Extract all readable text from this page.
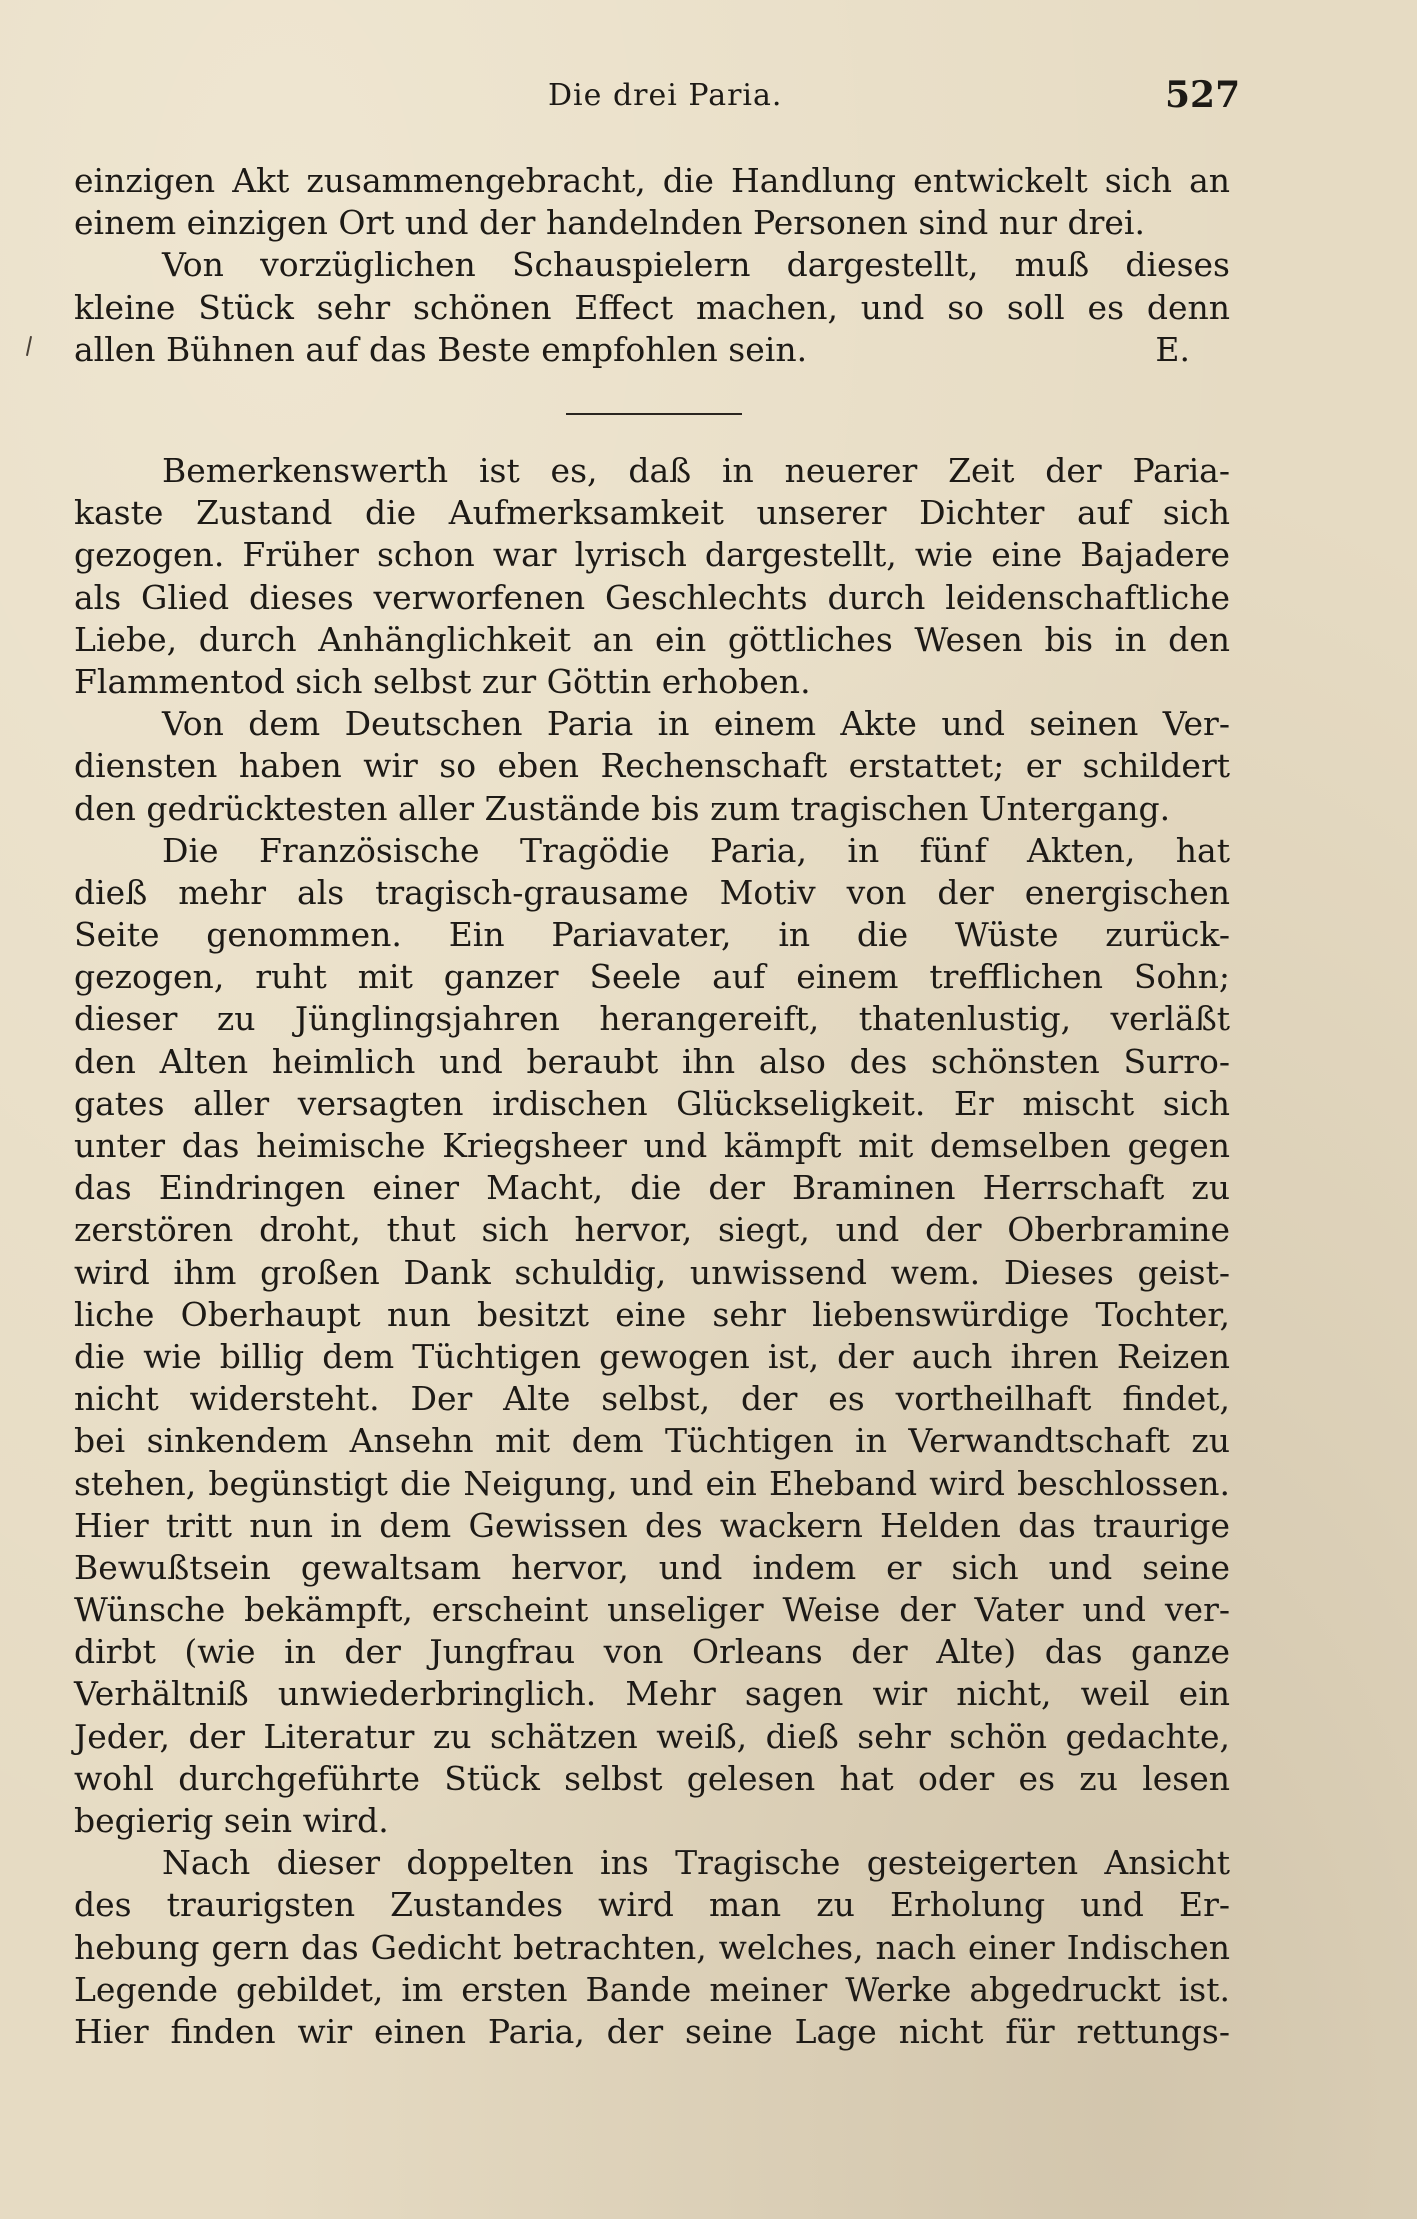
Die drei Paria.	527
einzigen Akt zusammengebracht, die Handlung entwickelt sich an
einem einzigen Ort und der handelnden Personen sind nur drei.
Von vorzüglichen Schauspielern dargestellt, muß dieses
kleine Stück sehr schönen Effect machen, und so soll es denn
allen Bühnen auf das Beste empfohlen sein.	E.
Bemerkenswerth ist es, daß in neuerer Zeit der Paria-
kaste Zustand die Aufmerksamkeit unserer Dichter auf sich
gezogen. Früher schon war lyrisch dargestellt, wie eine Bajadere
als Glied dieses verworfenen Geschlechts durch leidenschaftliche
Liebe, durch Anhänglichkeit an ein göttliches Wesen bis in den
Flammentod sich selbst zur Göttin erhoben.
Von dem Deutschen Paria in einem Akte und seinen Ver-
diensten haben wir so eben Rechenschaft erstattet; er schildert
den gedrücktesten aller Zustände bis zum tragischen Untergang.
Die Französische Tragödie Paria, in fünf Akten, hat
dieß mehr als tragisch-grausame Motiv von der energischen
Seite genommen. Ein Pariavater, in die Wüste zurück-
gezogen, ruht mit ganzer Seele auf einem trefflichen Sohn;
dieser zu Jünglingsjahren herangereift, thatenlustig, verläßt
den Alten heimlich und beraubt ihn also des schönsten Surro-
gates aller versagten irdischen Glückseligkeit. Er mischt sich
unter das heimische Kriegsheer und kämpft mit demselben gegen
das Eindringen einer Macht, die der Braminen Herrschaft zu
zerstören droht, thut sich hervor, siegt, und der Oberbramine
wird ihm großen Dank schuldig, unwissend wem. Dieses geist-
liche Oberhaupt nun besitzt eine sehr liebenswürdige Tochter,
die wie billig dem Tüchtigen gewogen ist, der auch ihren Reizen
nicht widersteht. Der Alte selbst, der es vortheilhaft findet,
bei sinkendem Ansehn mit dem Tüchtigen in Verwandtschaft zu
stehen, begünstigt die Neigung, und ein Eheband wird beschlossen.
Hier tritt nun in dem Gewissen des wackern Helden das traurige
Bewußtsein gewaltsam hervor, und indem er sich und seine
Wünsche bekämpft, erscheint unseliger Weise der Vater und ver-
dirbt (wie in der Jungfrau von Orleans der Alte) das ganze
Verhältniß unwiederbringlich. Mehr sagen wir nicht, weil ein
Jeder, der Literatur zu schätzen weiß, dieß sehr schön gedachte,
wohl durchgeführte Stück selbst gelesen hat oder es zu lesen
begierig sein wird.
Nach dieser doppelten ins Tragische gesteigerten Ansicht
des traurigsten Zustandes wird man zu Erholung und Er-
hebung gern das Gedicht betrachten, welches, nach einer Indischen
Legende gebildet, im ersten Bande meiner Werke abgedruckt ist.
Hier finden wir einen Paria, der seine Lage nicht für rettungs-
